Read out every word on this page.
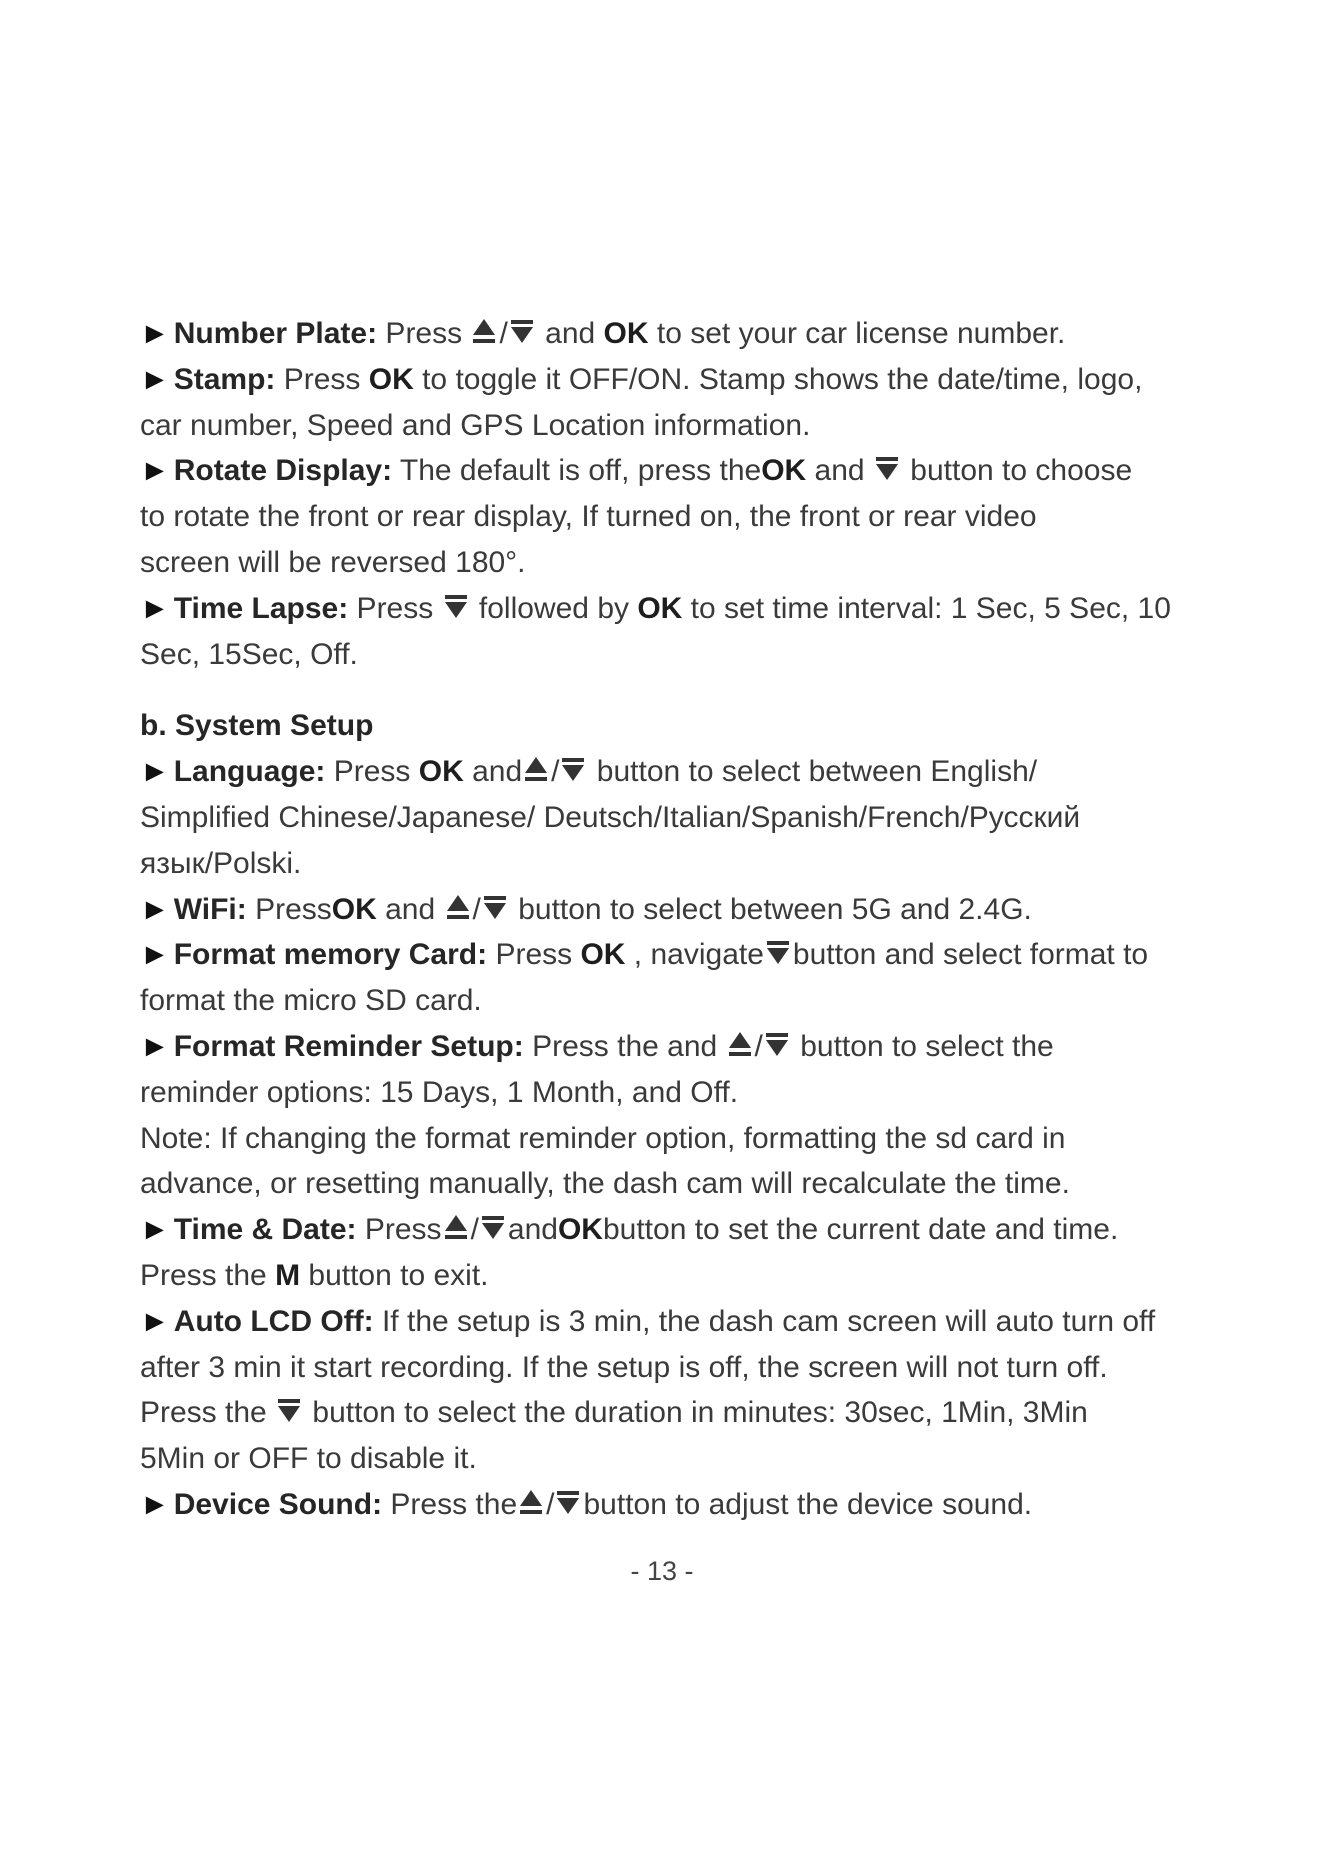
► Number Plate: Press / and OK to set your car license number.
► Stamp: Press OK to toggle it OFF/ON. Stamp shows the date/time, logo,
car number, Speed and GPS Location information.
► Rotate Display: The default is off, press theOK and  button to choose
to rotate the front or rear display, If turned on, the front or rear video
screen will be reversed 180°.
► Time Lapse: Press  followed by OK to set time interval: 1 Sec, 5 Sec, 10
Sec, 15Sec, Off.
b. System Setup
► Language: Press OK and / button to select between English/
Simplified Chinese/Japanese/ Deutsch/Italian/Spanish/French/Русский
язык/Polski.
► WiFi: PressOK and / button to select between 5G and 2.4G.
► Format memory Card: Press OK , navigate button and select format to
format the micro SD card.
► Format Reminder Setup: Press the and / button to select the
reminder options: 15 Days, 1 Month, and Off.
Note: If changing the format reminder option, formatting the sd card in
advance, or resetting manually, the dash cam will recalculate the time.
► Time & Date: Press / andOKbutton to set the current date and time.
Press the M button to exit.
► Auto LCD Off: If the setup is 3 min, the dash cam screen will auto turn off
after 3 min it start recording. If the setup is off, the screen will not turn off.
Press the  button to select the duration in minutes: 30sec, 1Min, 3Min
5Min or OFF to disable it.
► Device Sound: Press the / button to adjust the device sound.
- 13 -
